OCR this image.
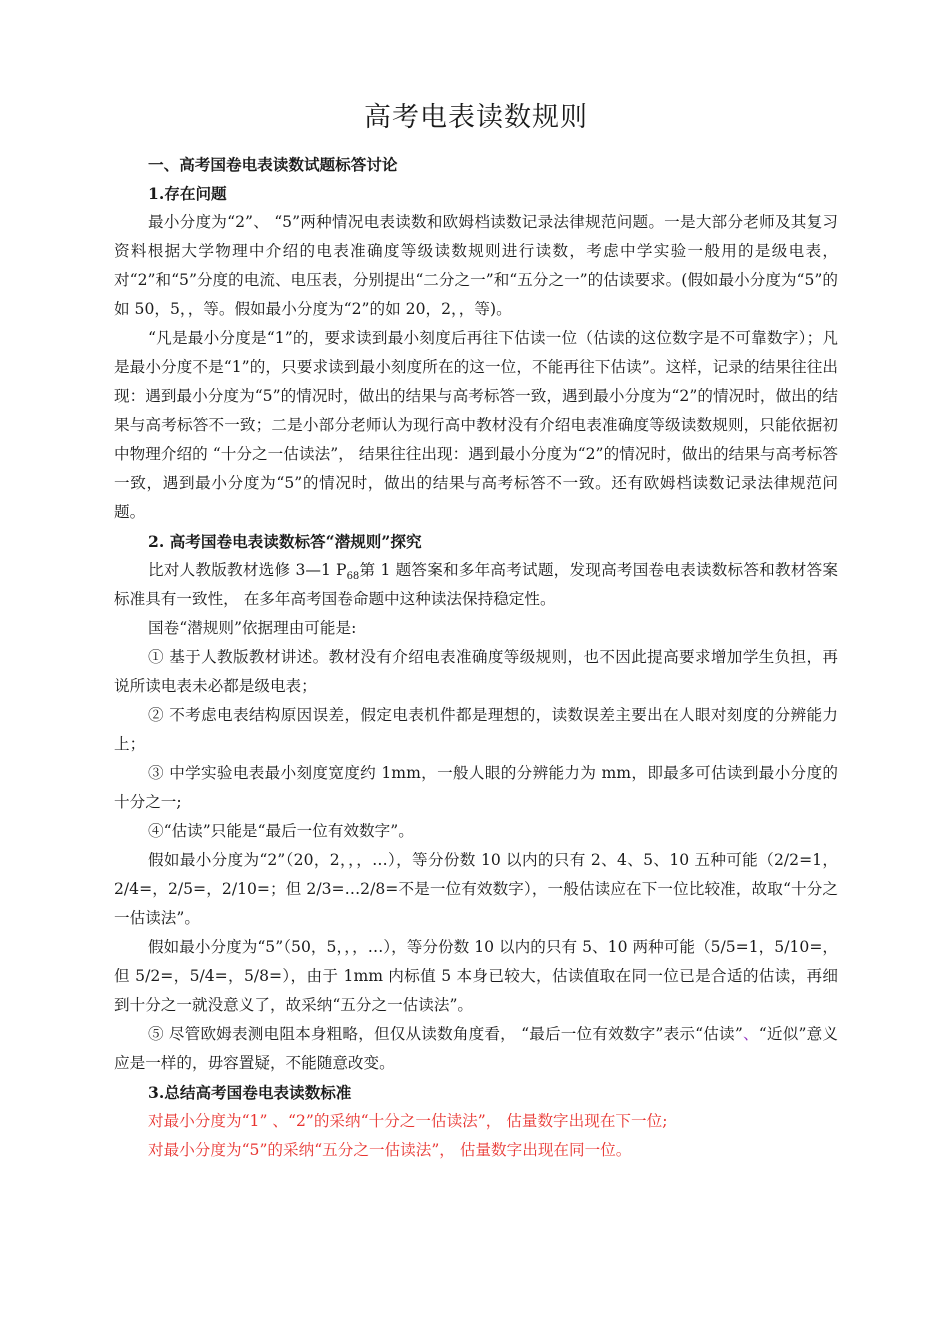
高考电表读数规则
一、高考国卷电表读数试题标答讨论
1.存在问题

最小分度为“2”、 “5”两种情况电表读数和欧姆档读数记录法律规范问题。一是大部分老师及其复习资料根据大学物理中介绍的电表准确度等级读数规则进行读数，考虑中学实验一般用的是级电表，对“2”和“5”分度的电流、电压表，分别提出“二分之一”和“五分之一”的估读要求。(假如最小分度为“5”的如 50，5，，等。假如最小分度为“2”的如 20，2，，等)。

“凡是最小分度是“1”的，要求读到最小刻度后再往下估读一位（估读的这位数字是不可靠数字）；凡是最小分度不是“1”的，只要求读到最小刻度所在的这一位，不能再往下估读”。这样，记录的结果往往出现：遇到最小分度为“5”的情况时，做出的结果与高考标答一致，遇到最小分度为“2”的情况时，做出的结果与高考标答不一致；二是小部分老师认为现行高中教材没有介绍电表准确度等级读数规则，只能依据初中物理介绍的 “十分之一估读法”， 结果往往出现：遇到最小分度为“2”的情况时，做出的结果与高考标答一致，遇到最小分度为“5”的情况时，做出的结果与高考标答不一致。还有欧姆档读数记录法律规范问题。

2. 高考国卷电表读数标答“潜规则”探究

比对人教版教材选修 3—1 $P_{68}$第 1 题答案和多年高考试题，发现高考国卷电表读数标答和教材答案标准具有一致性， 在多年高考国卷命题中这种读法保持稳定性。

国卷“潜规则”依据理由可能是:

① 基于人教版教材讲述。教材没有介绍电表准确度等级规则，也不因此提高要求增加学生负担，再说所读电表未必都是级电表；

② 不考虑电表结构原因误差，假定电表机件都是理想的，读数误差主要出在人眼对刻度的分辨能力上；

③ 中学实验电表最小刻度宽度约 1mm，一般人眼的分辨能力为 mm，即最多可估读到最小分度的十分之一;

④“估读”只能是“最后一位有效数字”。

假如最小分度为“2”（20，2，，，…），等分份数 10 以内的只有 2、4、5、10 五种可能（2/2=1，2/4=，2/5=，2/10=；但 2/3=…2/8=不是一位有效数字），一般估读应在下一位比较准，故取“十分之一估读法”。

假如最小分度为“5”（50，5，，，…），等分份数 10 以内的只有 5、10 两种可能（5/5=1，5/10=，但 5/2=，5/4=，5/8=），由于 1mm 内标值 5 本身已较大，估读值取在同一位已是合适的估读，再细到十分之一就没意义了，故采纳“五分之一估读法”。

⑤ 尽管欧姆表测电阻本身粗略，但仅从读数角度看， “最后一位有效数字”表示“估读”、“近似”意义应是一样的，毋容置疑，不能随意改变。

3.总结高考国卷电表读数标准

对最小分度为“1” 、“2”的采纳“十分之一估读法”， 估量数字出现在下一位;

对最小分度为“5”的采纳“五分之一估读法”， 估量数字出现在同一位。
